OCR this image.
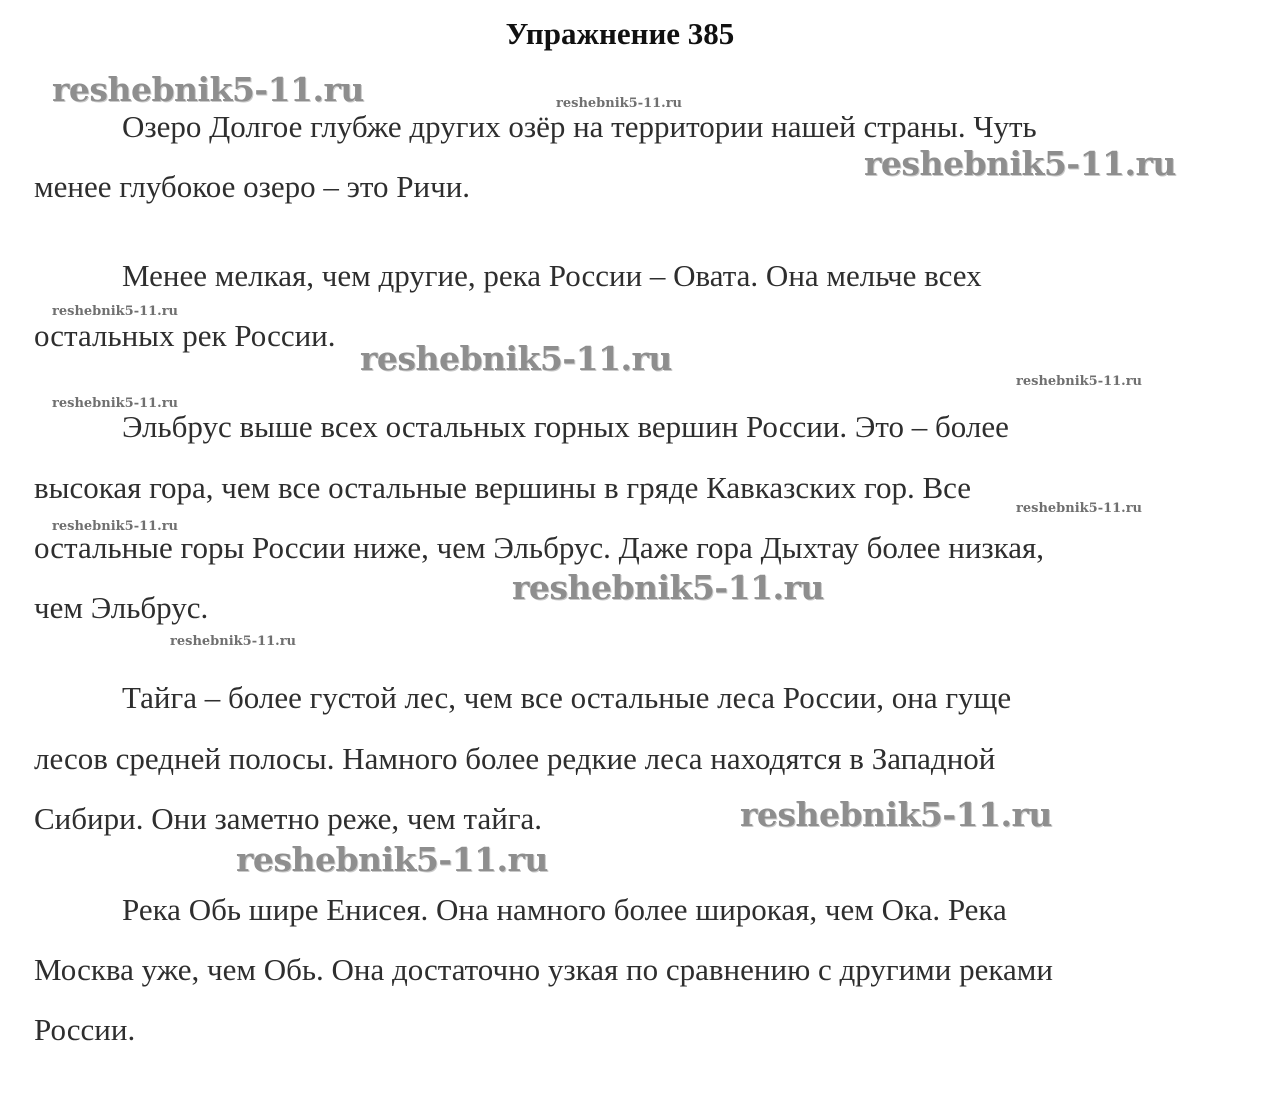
Упражнение 385
Озеро Долгое глубже других озёр на территории нашей страны. Чуть
менее глубокое озеро – это Ричи.
Менее мелкая, чем другие, река России – Овата. Она мельче всех
остальных рек России.
Эльбрус выше всех остальных горных вершин России. Это – более
высокая гора, чем все остальные вершины в гряде Кавказских гор. Все
остальные горы России ниже, чем Эльбрус. Даже гора Дыхтау более низкая,
чем Эльбрус.
Тайга – более густой лес, чем все остальные леса России, она гуще
лесов средней полосы. Намного более редкие леса находятся в Западной
Сибири. Они заметно реже, чем тайга.
Река Обь шире Енисея. Она намного более широкая, чем Ока. Река
Москва уже, чем Обь. Она достаточно узкая по сравнению с другими реками
России.
reshebnik5-11.ru
reshebnik5-11.ru
reshebnik5-11.ru
reshebnik5-11.ru
reshebnik5-11.ru
reshebnik5-11.ru
reshebnik5-11.ru
reshebnik5-11.ru
reshebnik5-11.ru
reshebnik5-11.ru
reshebnik5-11.ru
reshebnik5-11.ru
reshebnik5-11.ru
